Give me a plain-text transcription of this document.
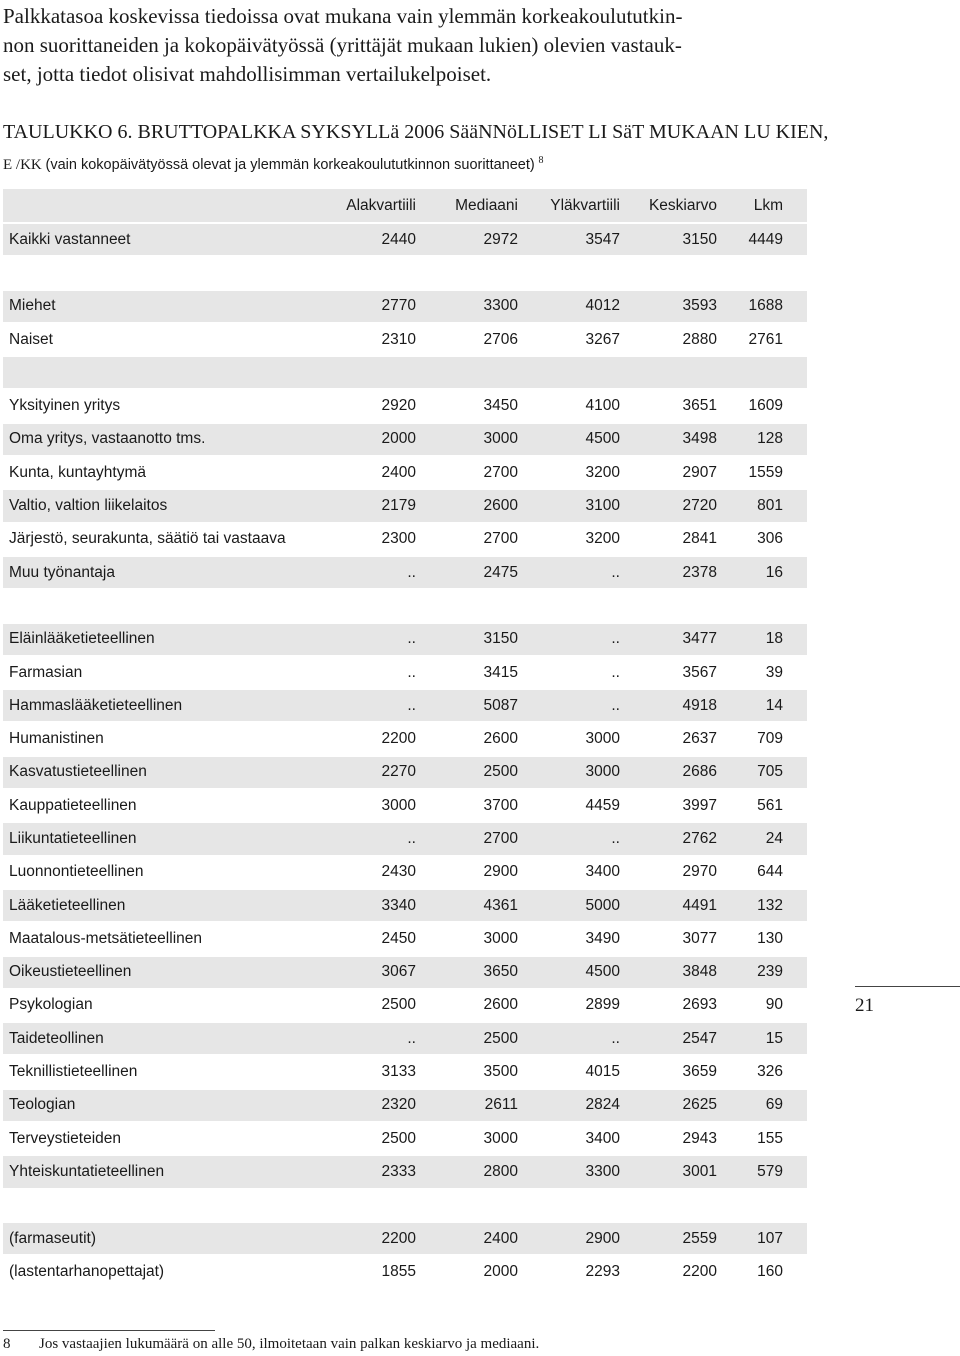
Palkkatasoa koskevissa tiedoissa ovat mukana vain ylemmän korkeakoulututkin-
non suorittaneiden ja kokopäivätyössä (yrittäjät mukaan lukien) olevien vastauk-
set, jotta tiedot olisivat mahdollisimman vertailukelpoiset.
TAULUKKO 6. BRUTTOPALKKA SYKSYLLä 2006 SääNNöLLISET LI SäT MUKAAN LU KIEN,
E /KK (vain kokopäivätyössä olevat ja ylemmän korkeakoulututkinnon suorittaneet) $^8$
	Alakvartiili	Mediaani	Yläkvartiili	Keskiarvo	Lkm
Kaikki vastanneet	2440	2972	3547	3150	4449

Miehet	2770	3300	4012	3593	1688
Naiset	2310	2706	3267	2880	2761

Yksityinen yritys	2920	3450	4100	3651	1609
Oma yritys, vastaanotto tms.	2000	3000	4500	3498	128
Kunta, kuntayhtymä	2400	2700	3200	2907	1559
Valtio, valtion liikelaitos	2179	2600	3100	2720	801
Järjestö, seurakunta, säätiö tai vastaava	2300	2700	3200	2841	306
Muu työnantaja	..	2475	..	2378	16

Eläinlääketieteellinen	..	3150	..	3477	18
Farmasian	..	3415	..	3567	39
Hammaslääketieteellinen	..	5087	..	4918	14
Humanistinen	2200	2600	3000	2637	709
Kasvatustieteellinen	2270	2500	3000	2686	705
Kauppatieteellinen	3000	3700	4459	3997	561
Liikuntatieteellinen	..	2700	..	2762	24
Luonnontieteellinen	2430	2900	3400	2970	644
Lääketieteellinen	3340	4361	5000	4491	132
Maatalous-metsätieteellinen	2450	3000	3490	3077	130
Oikeustieteellinen	3067	3650	4500	3848	239
Psykologian	2500	2600	2899	2693	90
Taideteollinen	..	2500	..	2547	15
Teknillistieteellinen	3133	3500	4015	3659	326
Teologian	2320	2611	2824	2625	69
Terveystieteiden	2500	3000	3400	2943	155
Yhteiskuntatieteellinen	2333	2800	3300	3001	579

(farmaseutit)	2200	2400	2900	2559	107
(lastentarhanopettajat)	1855	2000	2293	2200	160
21
8 Jos vastaajien lukumäärä on alle 50, ilmoitetaan vain palkan keskiarvo ja mediaani.
